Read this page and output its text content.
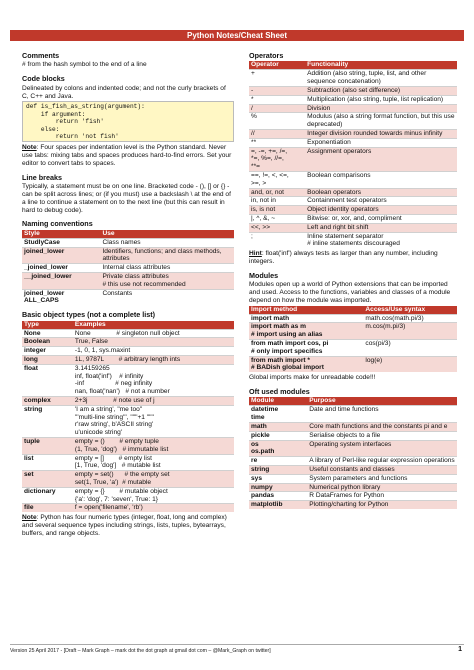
Python Notes/Cheat Sheet
Comments
# from the hash symbol to the end of a line
Code blocks
Delineated by colons and indented code; and not the curly brackets of C, C++ and Java.
def is_fish_as_string(argument):
if argument:
return 'fish'
else:
return 'not fish'
Note: Four spaces per indentation level is the Python standard. Never use tabs: mixing tabs and spaces produces hard-to-find errors. Set your editor to convert tabs to spaces.
Line breaks
Typically, a statement must be on one line. Bracketed code - (), [] or {} - can be split across lines; or (if you must) use a backslash \ at the end of a line to continue a statement on to the next line (but this can result in hard to debug code).
Naming conventions
Style	Use
StudlyCase	Class names
joined_lower	Identifiers, functions; and class methods, attributes
_joined_lower	Internal class attributes
__joined_lower	Private class attributes
# this use not recommended
joined_lower
ALL_CAPS	Constants
Basic object types (not a complete list)
Type	Examples
None	None              # singleton null object
Boolean	True, False
integer	-1, 0, 1, sys.maxint
long	1L, 9787L        # arbitrary length ints
float	3.14159265
inf, float('inf')    # infinity
-inf                 # neg infinity
nan, float('nan')   # not a number
complex	2+3j              # note use of j
string	'I am a string', "me too"
'''multi-line string''', """+1 """
r'raw string', b'ASCII string'
u'unicode string'
tuple	empty = ()        # empty tuple
(1, True, 'dog')   # immutable list
list	empty = []        # empty list
[1, True, 'dog']   # mutable list
set	empty = set()      # the empty set
set(1, True, 'a')  # mutable
dictionary	empty = {}        # mutable object
{'a': 'dog', 7: 'seven', True: 1}
file	f = open('filename', 'rb')
Note: Python has four numeric types (integer, float, long and complex) and several sequence types including strings, lists, tuples, bytearrays, buffers, and range objects.
Operators
Operator	Functionality
+	Addition (also string, tuple, list, and other sequence concatenation)
-	Subtraction (also set difference)
*	Multiplication (also string, tuple, list replication)
/	Division
%	Modulus (also a string format function, but this use deprecated)
//	Integer division rounded towards minus infinity
**	Exponentiation
=, -=, +=, /=,
*=, %=, //=,
**=	Assignment operators
==, !=, <, <=,
>=, >	Boolean comparisons
and, or, not	Boolean operators
in, not in	Containment test operators
is, is not	Object identity operators
|, ^, &, ~	Bitwise: or, xor, and, compliment
<<, >>	Left and right bit shift
;	Inline statement separator
# inline statements discouraged
Hint: float('inf') always tests as larger than any number, including integers.
Modules
Modules open up a world of Python extensions that can be imported and used. Access to the functions, variables and classes of a module depend on how the module was imported.
Import method	Access/Use syntax
import math	math.cos(math.pi/3)
import math as m
# import using an alias	m.cos(m.pi/3)
from math import cos, pi
# only import specifics	cos(pi/3)
from math import *
# BADish global import	log(e)
Global imports make for unreadable code!!!
Oft used modules
Module	Purpose
datetime
time	Date and time functions
math	Core math functions and the constants pi and e
pickle	Serialise objects to a file
os
os.path	Operating system interfaces
re	A library of Perl-like regular expression operations
string	Useful constants and classes
sys	System parameters and functions
numpy	Numerical python library
pandas	R DataFrames for Python
matplotlib	Plotting/charting for Python
Version 25 April 2017 - [Draft – Mark Graph – mark dot the dot graph at gmail dot com – @Mark_Graph on twitter]	1
